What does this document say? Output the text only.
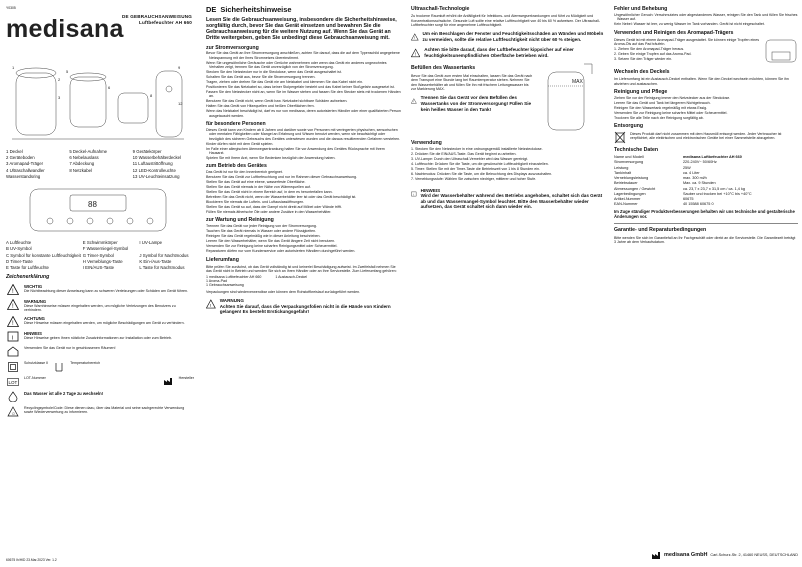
Y0305
medisana
DE GEBRAUCHSANWEISUNG
Luftbefeuchter AH 660
1
2
3
5
6
8
9
12
1 Deckel	5 Deckel-Aufnahme	9 Gerätekörper
2 Geräteboden	6 Nebelauslass	10 Wasserbehälterdeckel
3 Aromapad-Träger	7 Abdeckung	11 Luftaustrittöffnung
4 Ultraschallwandler	8 Netzkabel	12 LED-Kontrolleuchte
Wasserstandsring	13 UV-Leuchteinsatzung
88
A Luftfeuchte	E Schwimmkörper	I UV-Lampe
B UV-Symbol	F Wasserniegel-Symbol
C Symbol für konstante Luftfeuchtigkeit G Timer-Symbol	J Symbol für Nachtmodus
D Timer-Taste	H Verneblungs-Taste	K Ein-/Aus-Taste
E Taste für Luftfeuchte	I EIN/AUS-Taste	L Taste für Nachtmodus
Zeichenerklärung
!
WICHTIG
Die Nichtbeachtung dieser Anweisung kann zu schweren Verletzungen oder Schäden am Gerät führen.
!
WARNUNG
Diese Warnhinweise müssen eingehalten werden, um mögliche Verletzungen des Benutzers zu verhindern.
!
ACHTUNG
Diese Hinweise müssen eingehalten werden, um mögliche Beschädigungen am Gerät zu verhindern.
i
HINWEIS
Diese Hinweise geben Ihnen nützliche Zusatzinformationen zur Installation oder zum Betrieb.
Verwenden Sie das Gerät nur in geschlossenen Räumen!
Schutzklasse II	Temperaturbereich
LOT
LOT-Nummer	Hersteller
Das Wasser ist alle 2 Tage zu wechseln!
♲
Recyclingsymbole/Code: Diese dienen dazu, über das Material und seine sachgerechte Verwendung sowie Wiederverwertung zu informieren.
60675 Ih/HID 23.Mar.2023 Ver. 1.2
DE Sicherheitshinweise
Lesen Sie die Gebrauchsanweisung, insbesondere die Sicherheitshinweise, sorgfältig durch, bevor Sie das Gerät einsetzen und bewahren Sie die Gebrauchsanweisung für die weitere Nutzung auf. Wenn Sie das Gerät an Dritte weitergeben, geben Sie unbedingt diese Gebrauchsanweisung mit.
zur Stromversorgung
Bevor Sie das Gerät an Ihre Stromversorgung anschließen, achten Sie darauf, dass die auf dem Typenschild angegebene Netzspannung mit der Ihres Stromnetzes übereinstimmt.
Wenn Sie ungewöhnliche Geräusche oder Gerüche wahrnehmen oder wenn das Gerät ein anderes ungewohntes Verhalten zeigt, trennen Sie das Gerät unverzüglich von der Stromversorgung.
Stecken Sie den Netzstecker nur in die Steckdose, wenn das Gerät ausgeschaltet ist.
Schalten Sie das Gerät aus, bevor Sie die Stromversorgung trennen.
Tragen, ziehen oder drehen Sie das Gerät nie am Netzkabel und klemmen Sie das Kabel nicht ein.
Positionieren Sie das Netzkabel so, dass keiner Stolpergefahr besteht und das Kabel keiner Stoßgefahr ausgesetzt ist.
Fassen Sie den Netzstecker nicht an, wenn Sie im Wasser stehen und fassen Sie den Stecker stets mit trockenen Händen an.
Benutzen Sie das Gerät nicht, wenn Gerät bzw. Netzkabel sichtbare Schäden aufweisen.
Halten Sie das Gerät von Hitzequellen und heißen Oberflächen fern.
Wenn das Netzkabel beschädigt ist, darf es nur von medisana, deren autorisierten Händler oder einer qualifizierten Person ausgetauscht werden.
für besondere Personen
Dieses Gerät kann von Kindern ab 8 Jahren und darüber sowie von Personen mit verringerten physischen, sensorischen oder mentalen Fähigkeiten oder Mangel an Erfahrung und Wissen benutzt werden, wenn sie beaufsichtigt oder bezüglich des sicheren Gebrauchs des Gerätes unterwiesen wurden und die daraus resultierenden Gefahren verstehen.
Kinder dürfen nicht mit dem Gerät spielen.
Im Falle einer allergischen Atemwegserkrankung halten Sie vor Anwendung des Gerätes Rücksprache mit Ihrem Hausarzt.
Spielen Sie mit Ihrem Arzt, wenn Sie Bedenken bezüglich der Anwendung haben.
zum Betrieb des Gerätes
Das Gerät ist nur für den Innenbereich geeignet.
Benutzen Sie das Gerät zur Luftbefeuchtung und nur im Rahmen dieser Gebrauchsanweisung.
Stellen Sie das Gerät auf eine ebene, wasserfeste Oberfläche.
Stellen Sie das Gerät niemals in der Nähe von Wärmequellen auf.
Stellen Sie das Gerät nicht in einem Bereich auf, in dem es herunterfallen kann.
Betreiben Sie das Gerät nicht, wenn der Wasserbehälter leer ist oder das Gerät beschädigt ist.
Blockieren Sie niemals die Luftein- und Luftauslassöffnungen.
Stellen Sie das Gerät so auf, dass der Dampf nicht direkt auf Möbel oder Wände trifft.
Füllen Sie niemals ätherische Öle oder andere Zusätze in den Wasserbehälter.
zur Wartung und Reinigung
Trennen Sie das Gerät vor jeder Reinigung von der Stromversorgung.
Tauchen Sie das Gerät niemals in Wasser oder andere Flüssigkeiten.
Reinigen Sie das Gerät regelmäßig wie in dieser Anleitung beschrieben.
Leeren Sie den Wasserbehälter, wenn Sie das Gerät längere Zeit nicht benutzen.
Verwenden Sie zur Reinigung keine scharfen Reinigungsmittel oder Scheuermittel.
Reparaturen dürfen nur vom Kundenservice oder autorisierten Händlern durchgeführt werden.
Lieferumfang
Bitte prüfen Sie zunächst, ob das Gerät vollständig ist und keinerlei Beschädigung aufweist. Im Zweifelsfall nehmen Sie das Gerät nicht in Betrieb und wenden Sie sich an Ihren Händler oder an Ihre Servicestelle. Zum Lieferumfang gehören:
1 medisana Luftbefeuchter AH 660
1 Aroma-Pad
1 Gebrauchsanweisung
1 Austausch-Deckel
Verpackungen sind wiederverwendbar oder können dem Rohstoffkreislauf zurückgeführt werden.
!
WARNUNG
Achten Sie darauf, dass die Verpackungsfolien nicht in die Hände von Kindern gelangen! Es besteht Erstickungsgefahr!
Ultraschall-Technologie
Zu trockene Raumluft erhöht die Anfälligkeit für Infektions- und Atemwegserkrankungen und führt zu Müdigkeit und Konzentrationsschwäche. Gesunde Luft sollte eine relative Luftfeuchtigkeit von 40 bis 60 % aufweisen. Der Ultraschall-Luftbefeuchter sorgt für eine angenehme Luftfeuchtigkeit.
!
Um ein Beschlagen der Fenster und Feuchtigkeitsschäden an Wänden und Möbeln zu vermeiden, sollte die relative Luftfeuchtigkeit nicht über 60 % steigen.
!
Achten Sie bitte darauf, dass der Luftbefeuchter kippsicher auf einer feuchtigkeitsunempfindlichen Oberfläche betrieben wird.
Befüllen des Wassertanks
Bevor Sie das Gerät zum ersten Mal einschalten, lassen Sie das Gerät nach dem Transport eine Stunde lang bei Raumtemperatur stehen. Nehmen Sie den Wasserbehälter ab und füllen Sie ihn mit frischem Leitungswasser bis zur Markierung MAX.
!
Trennen Sie das Gerät vor dem Befüllen des Wassertanks von der Stromversorgung! Füllen Sie kein heißes Wasser in den Tank!
MAX
Verwendung
1. Stecken Sie den Netzstecker in eine ordnungsgemäß installierte Netzsteckdose.
2. Drücken Sie die EIN/AUS-Taste. Das Gerät beginnt zu arbeiten.
3. UV-Lampe: Durch den Ultraschall-Vernebler wird das Wasser gereinigt.
4. Luftfeuchte: Drücken Sie die Taste, um die gewünschte Luftfeuchtigkeit einzustellen.
5. Timer: Stellen Sie mit der Timer-Taste die Betriebszeit von 1 bis 8 Stunden ein.
6. Nachtmodus: Drücken Sie die Taste, um die Beleuchtung des Displays auszuschalten.
7. Verneblungsstufe: Wählen Sie zwischen niedriger, mittlerer und hoher Stufe.
i
HINWEIS
Wird der Wasserbehälter während des Betriebs angehoben, schaltet sich das Gerät ab und das Wassermangel-Symbol leuchtet. Bitte den Wasserbehälter wieder aufsetzen, das Gerät schaltet sich dann wieder ein.
Fehler und Behebung
Ungewöhnlicher Geruch: Verschmutztes oder abgestandenes Wasser, reinigen Sie den Tank und füllen Sie frisches Wasser auf.
Kein Nebel: Wasser ist leer, zu wenig Wasser im Tank vorhanden. Gerät ist nicht eingeschaltet.
Verwenden und Reinigen des Aromapad-Trägers
Dieses Gerät ist mit einem Aromapad-Träger ausgestattet. Sie können einige Tropfen eines Aroma-Öls auf das Pad träufeln.
1. Ziehen Sie den Aromapad-Träger heraus.
2. Geben Sie einige Tropfen auf das Aroma-Pad.
3. Setzen Sie den Träger wieder ein.
Wechseln des Deckels
Im Lieferumfang ist ein Austausch-Deckel enthalten. Wenn Sie den Deckel wechseln möchten, können Sie ihn abziehen und austauschen.
Reinigung und Pflege
Ziehen Sie vor der Reinigung immer den Netzstecker aus der Steckdose.
Leeren Sie das Gerät und Tank bei längerem Nichtgebrauch.
Reinigen Sie den Wassertank regelmäßig mit etwas Essig.
Verwenden Sie zur Reinigung keine scharfen Mittel oder Scheuermittel.
Trocknen Sie alle Teile nach der Reinigung sorgfältig ab.
Entsorgung
Dieses Produkt darf nicht zusammen mit dem Hausmüll entsorgt werden. Jeder Verbraucher ist verpflichtet, alle elektrischen und elektronischen Geräte bei einer Sammelstelle abzugeben.
Technische Daten
Name und Modell	medisana Luftbefeuchter AH 660
Stromversorgung	220-240V~ 50/60Hz
Leistung	25W
Tankinhalt	ca. 4 Liter
Verneblungsleistung	max. 300 ml/h
Betriebsdauer	Max. ca. 9 Stunden
Abmessungen / Gewicht	ca. 23,7 x 23,7 x 31,5 cm / ca. 1,4 kg
Lagerbedingungen	Sauber und trocken bei +10°C bis +40°C
Artikel-Nummer	60675
EAN-Nummer	40 15588 60675 0
Im Zuge ständiger Produktverbesserungen behalten wir uns technische und gestalterische Änderungen vor.
Garantie- und Reparaturbedingungen
Bitte wenden Sie sich im Garantiefall an Ihr Fachgeschäft oder direkt an die Servicestelle. Die Garantiezeit beträgt 3 Jahre ab dem Verkaufsdatum.
medisana GmbH Carl-Schurz-Str. 2, 41460 NEUSS, DEUTSCHLAND
